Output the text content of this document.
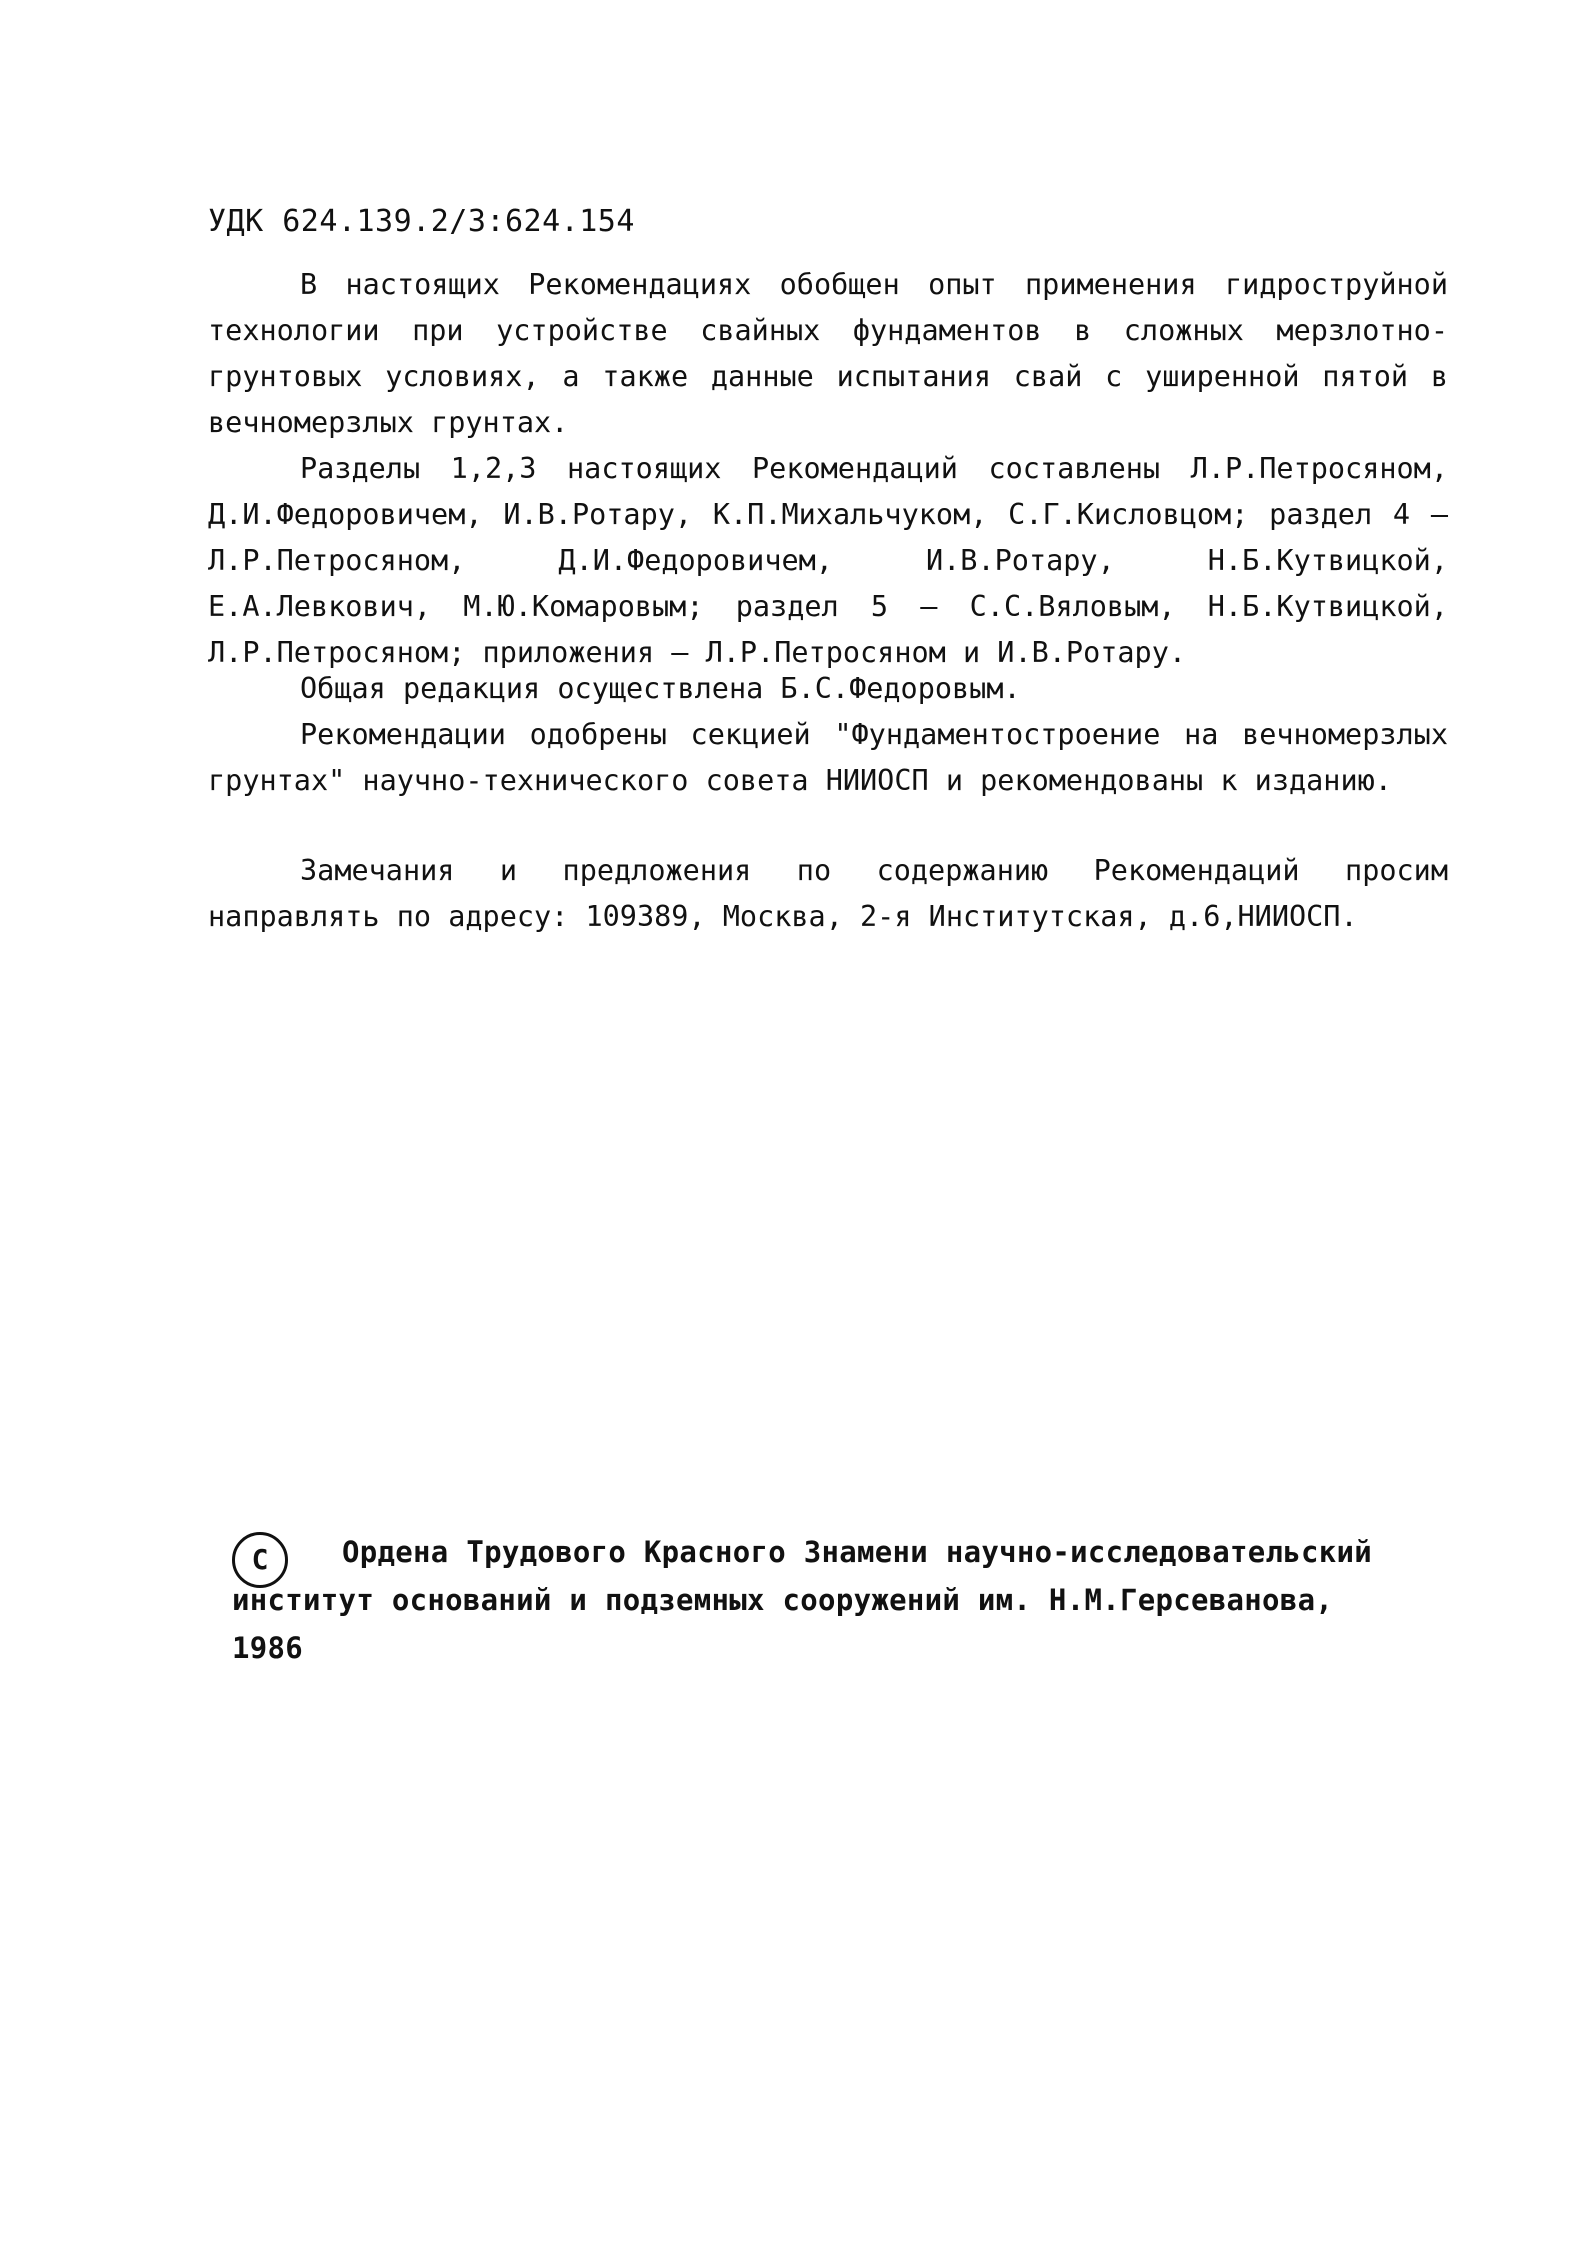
УДК 624.139.2/3:624.154

В настоящих Рекомендациях обобщен опыт применения гидроструйной технологии при устройстве свайных фундаментов в сложных мерзлотно-грунтовых условиях, а также данные испытания свай с уширенной пятой в вечномерзлых грунтах.

Разделы 1,2,3 настоящих Рекомендаций составлены Л.Р.Петросяном, Д.И.Федоровичем, И.В.Ротару, К.П.Михальчуком, С.Г.Кисловцом; раздел 4 – Л.Р.Петросяном, Д.И.Федоровичем, И.В.Ротару, Н.Б.Кутвицкой, Е.А.Левкович, М.Ю.Комаровым; раздел 5 – С.С.Вяловым, Н.Б.Кутвицкой, Л.Р.Петросяном; приложения – Л.Р.Петросяном и И.В.Ротару.

Общая редакция осуществлена Б.С.Федоровым.

Рекомендации одобрены секцией "Фундаментостроение на вечномерзлых грунтах" научно-технического совета НИИОСП и рекомендованы к изданию.

Замечания и предложения по содержанию Рекомендаций просим направлять по адресу: 109389, Москва, 2-я Институтская, д.6,НИИОСП.

С	Ордена Трудового Красного Знамени научно-исследовательский институт оснований и подземных сооружений им. Н.М.Герсеванова, 1986
